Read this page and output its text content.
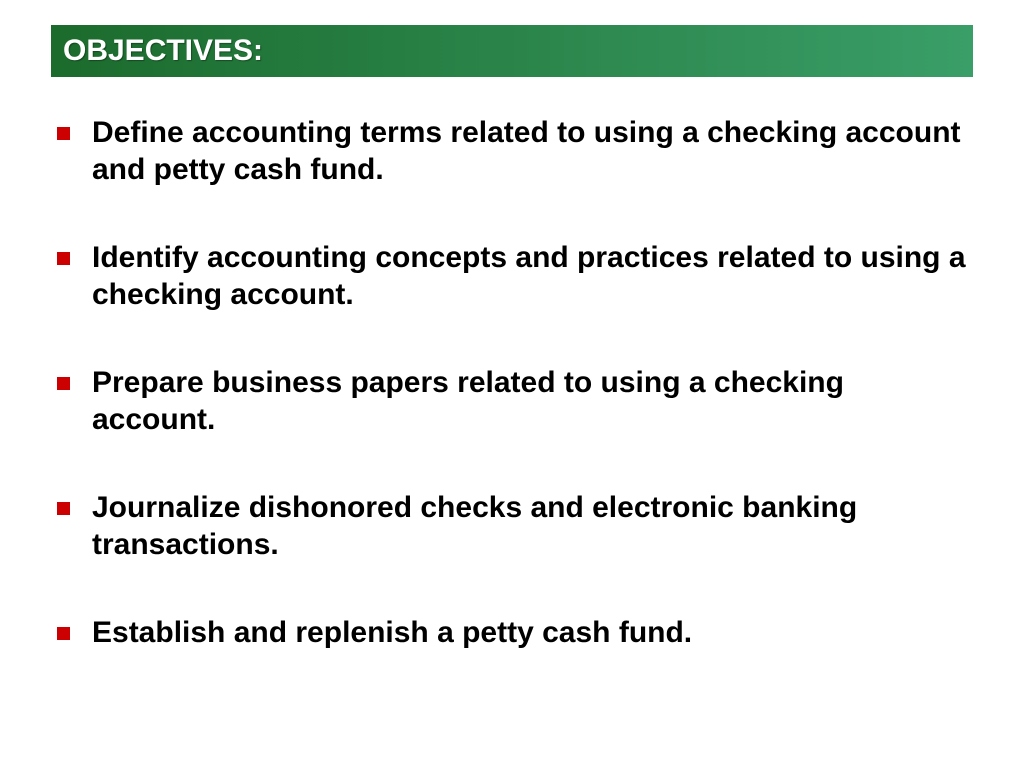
OBJECTIVES:
Define accounting terms related to using a checking account and petty cash fund.
Identify accounting concepts and practices related to using a checking account.
Prepare business papers related to using a checking account.
Journalize dishonored checks and electronic banking transactions.
Establish and replenish a petty cash fund.
